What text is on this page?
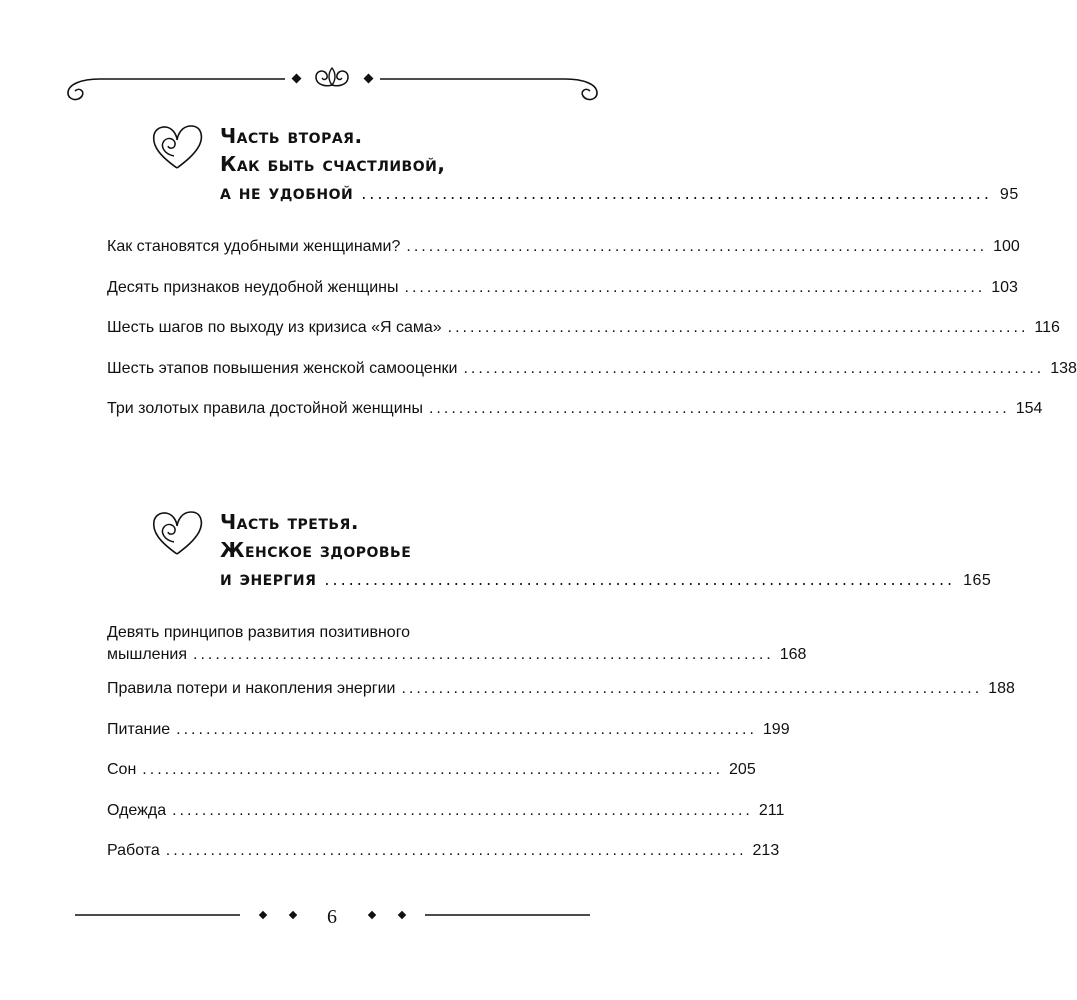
Часть вторая.
Как быть счастливой,
а не удобной .............................................................................. 95
Как становятся удобными женщинами? .............................................................................. 100
Десять признаков неудобной женщины .............................................................................. 103
Шесть шагов по выходу из кризиса «Я сама» .............................................................................. 116
Шесть этапов повышения женской самооценки .............................................................................. 138
Три золотых правила достойной женщины .............................................................................. 154
Часть третья.
Женское здоровье
и энергия .............................................................................. 165
Девять принципов развития позитивного
мышления .............................................................................. 168
Правила потери и накопления энергии .............................................................................. 188
Питание .............................................................................. 199
Сон .............................................................................. 205
Одежда .............................................................................. 211
Работа .............................................................................. 213
6
